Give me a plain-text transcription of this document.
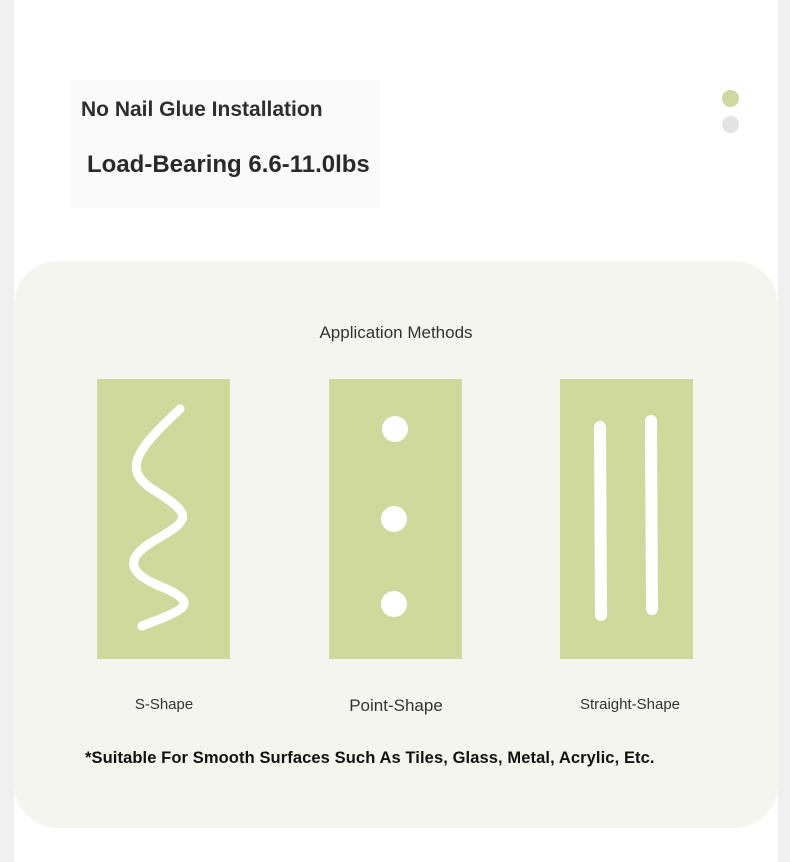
No Nail Glue Installation
Load-Bearing 6.6-11.0lbs
Application Methods
S-Shape	Point-Shape	Straight-Shape
*Suitable For Smooth Surfaces Such As Tiles, Glass, Metal, Acrylic, Etc.
